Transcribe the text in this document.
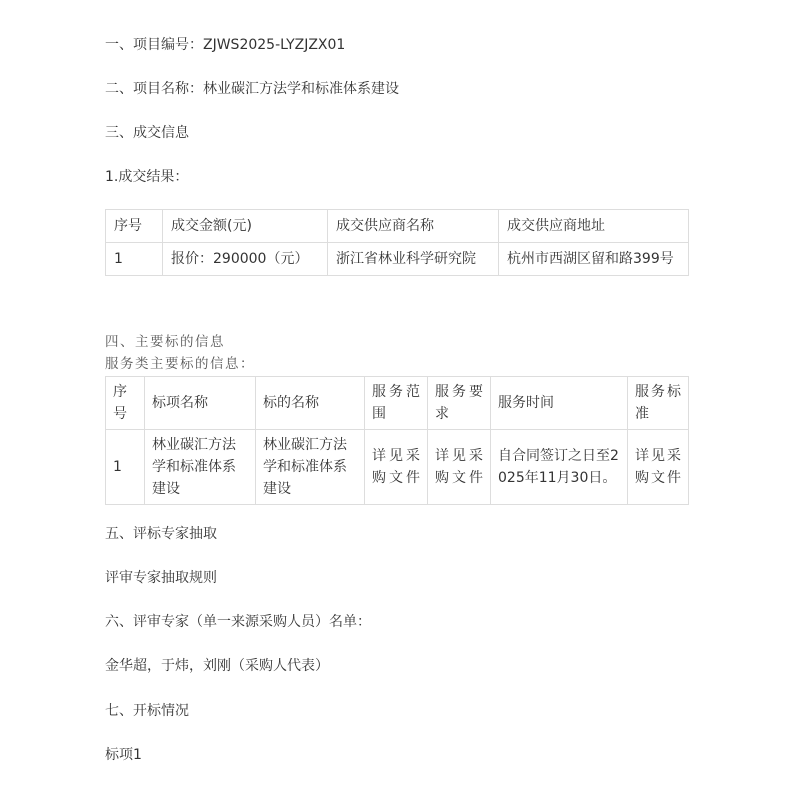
一、项目编号：ZJWS2025-LYZJZX01
二、项目名称：林业碳汇方法学和标准体系建设
三、成交信息
1.成交结果：
序号	成交金额(元)	成交供应商名称	成交供应商地址
1	报价：290000（元）	浙江省林业科学研究院	杭州市西湖区留和路399号
四、主要标的信息
服务类主要标的信息：
序号	标项名称	标的名称	服务范围	服务要求	服务时间	服务标准
1	林业碳汇方法学和标准体系建设	林业碳汇方法学和标准体系建设	详见采购文件	详见采购文件	自合同签订之日至2025年11月30日。	详见采购文件
五、评标专家抽取
评审专家抽取规则
六、评审专家（单一来源采购人员）名单：
金华超，于炜，刘刚（采购人代表）
七、开标情况
标项1
